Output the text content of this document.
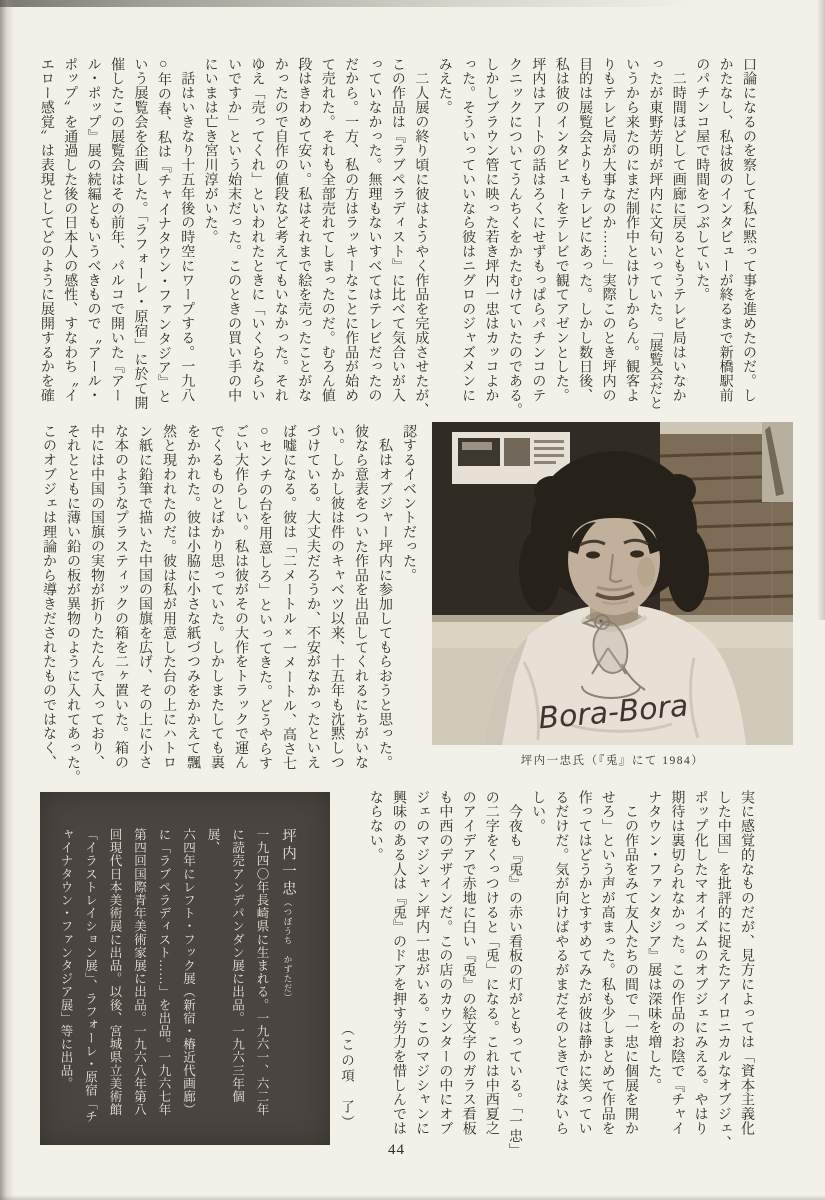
口論になるのを察して私に黙って事を進めたのだ。し

かたなし、私は彼のインタビューが終るまで新橋駅前

のパチンコ屋で時間をつぶしていた。

　二時間ほどして画廊に戻るともうテレビ局はいなか

ったが東野芳明が坪内に文句いっていた。「展覧会だと

いうから来たのにまだ制作中とはけしからん。観客よ

りもテレビ局が大事なのか……」実際このとき坪内の

目的は展覧会よりもテレビにあった。しかし数日後、

私は彼のインタビューをテレビで観てアゼンとした。

坪内はアートの話はろくにせずもっぱらパチンコのテ

クニックについてうんちくをかたむけていたのである。

しかしブラウン管に映った若き坪内一忠はカッコよか

った。そういっていいなら彼はニグロのジャズメンに

みえた。

　二人展の終り頃に彼はようやく作品を完成させたが、

この作品は『ラブペラディスト』に比べて気合いが入

っていなかった。無理もないすべてはテレビだったの

だから。一方、私の方はラッキーなことに作品が始め

て売れた。それも全部売れてしまったのだ。むろん値

段はきわめて安い。私はそれまで絵を売ったことがな

かったので自作の値段など考えてもいなかった。それ

ゆえ「売ってくれ」といわれたときに「いくらならい

いですか」という始末だった。このときの買い手の中

にいまは亡き宮川淳がいた。

　話はいきなり十五年後の時空にワープする。一九八

○年の春、私は『チャイナタウン・ファンタジア』と

いう展覧会を企画した。「ラフォーレ・原宿」に於て開

催したこの展覧会はその前年、パルコで開いた『アー

ル・ポップ』展の続編ともいうべきもので〝アール・

ポップ〟を通過した後の日本人の感性、すなわち〝イ

エロー感覚〟は表現としてどのように展開するかを確

認するイベントだった。

　私はオブジャー坪内に参加してもらおうと思った。

彼なら意表をついた作品を出品してくれるにちがいな

い。しかし彼は件のキャベツ以来、十五年も沈黙しつ

づけている。大丈夫だろうか、不安がなかったといえ

ば嘘になる。彼は「二メートル×一メートル、高さ七

○センチの台を用意しろ」といってきた。どうやらす

ごい大作らしい。私は彼がその大作をトラックで運ん

でくるものとばかり思っていた。しかしまたしても裏

をかかれた。彼は小脇に小さな紙づつみをかかえて飄

然と現われたのだ。彼は私が用意した台の上にハトロ

ン紙に鉛筆で描いた中国の国旗を広げ、その上に小さ

な本のようなプラスティックの箱を二ヶ置いた。箱の

中には中国の国旗の実物が折りたたんで入っており、

それとともに薄い鉛の板が異物のように入れてあった。

このオブジェは理論から導きだされたものではなく、	Bora-Bora
坪内一忠氏（『兎』にて 1984）

実に感覚的なものだが、見方によっては「資本主義化

した中国」を批評的に捉えたアイロニカルなオブジェ、

ポップ化したマオイズムのオブジェにみえる。やはり

期待は裏切られなかった。この作品のお陰で『チャイ

ナタウン・ファンタジア』展は深味を増した。

　この作品をみて友人たちの間で「一忠に個展を開か

せろ」という声が高まった。私も少しまとめて作品を

作ってはどうかとすすめてみたが彼は静かに笑ってい

るだけだ。気が向けばやるがまだそのときではないら

しい。

　今夜も『兎』の赤い看板の灯がともっている。「一忠」

の二字をくっつけると「兎」になる。これは中西夏之

のアイデアで赤地に白い『兎』の絵文字のガラス看板

も中西のデザインだ。この店のカウンターの中にオブ

ジェのマジシャン坪内一忠がいる。このマジシャンに

興味のある人は『兎』のドアを押す労力を惜しんでは

ならない。

（この項　了）

坪内一忠（つぼうち　かずただ）

一九四〇年長崎県に生まれる。一九六一、六二年

に読売アンデパンダン展に出品。一九六三年個展、

六四年にレフト・フック展（新宿・椿近代画廊）

に「ラブペラディスト……」を出品。一九六七年

第四回国際青年美術家展に出品。一九六八年第八

回現代日本美術展に出品。以後、宮城県立美術館

「イラストレイション展」、ラフォーレ・原宿「チ

ャイナタウン・ファンタジア展」等に出品。

44
